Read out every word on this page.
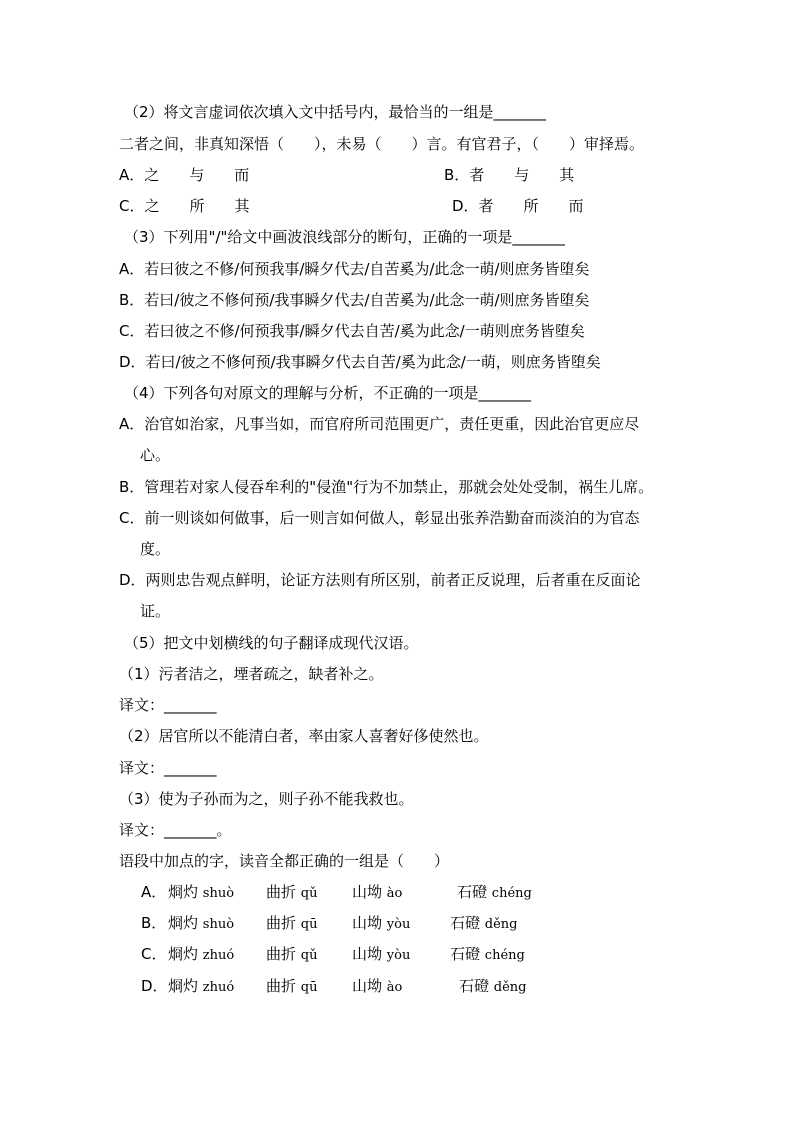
（2）将文言虚词依次填入文中括号内，最恰当的一组是_______
二者之间，非真知深悟（　　），未易（　　）言。有官君子，（　　）审择焉。
A．之　　与　　而	B．者　　与　　其
C．之　　所　　其	D．者　　所　　而
（3）下列用"/"给文中画波浪线部分的断句，正确的一项是_______
A．若曰彼之不修/何预我事/瞬夕代去/自苦奚为/此念一萌/则庶务皆堕矣
B．若曰/彼之不修何预/我事瞬夕代去/自苦奚为/此念一萌/则庶务皆堕矣
C．若曰彼之不修/何预我事/瞬夕代去自苦/奚为此念/一萌则庶务皆堕矣
D．若曰/彼之不修何预/我事瞬夕代去自苦/奚为此念/一萌，则庶务皆堕矣
（4）下列各句对原文的理解与分析，不正确的一项是_______
A．治官如治家，凡事当如，而官府所司范围更广，责任更重，因此治官更应尽
心。
B．管理若对家人侵吞牟利的"侵渔"行为不加禁止，那就会处处受制，祸生儿席。
C．前一则谈如何做事，后一则言如何做人，彰显出张养浩勤奋而淡泊的为官态
度。
D．两则忠告观点鲜明，论证方法则有所区别，前者正反说理，后者重在反面论
证。
（5）把文中划横线的句子翻译成现代汉语。
（1）污者洁之，堙者疏之，缺者补之。
译文：_______
（2）居官所以不能清白者，率由家人喜奢好侈使然也。
译文：_______
（3）使为子孙而为之，则子孙不能我救也。
译文：_______。
语段中加点的字，读音全都正确的一组是（　　）
A． 烱灼 shuò 曲折 qǔ 山坳 ào	石磴 chéng
B． 烱灼 shuò 曲折 qū 山坳 yòu	石磴 děng
C． 烱灼 zhuó 曲折 qǔ 山坳 yòu	石磴 chéng
D． 烱灼 zhuó 曲折 qū 山坳 ào	石磴 děng
